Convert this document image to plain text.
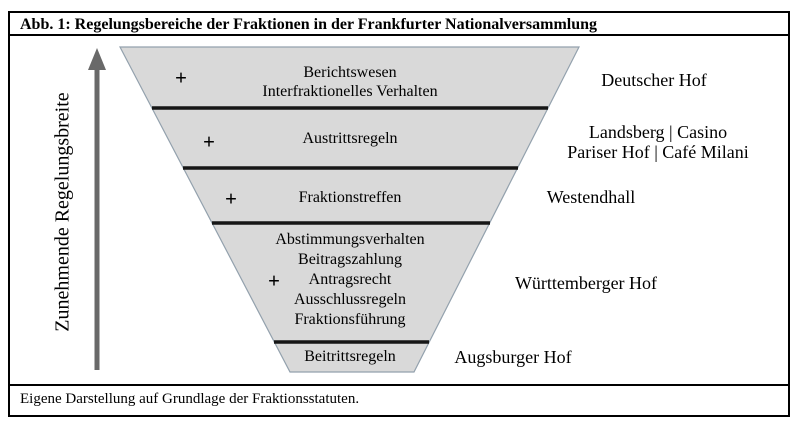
Abb. 1: Regelungsbereiche der Fraktionen in der Frankfurter Nationalversammlung
Zunehmende Regelungsbreite
Berichtswesen
Interfraktionelles Verhalten
Austrittsregeln
Fraktionstreffen
Abstimmungsverhalten
Beitragszahlung
Antragsrecht
Ausschlussregeln
Fraktionsführung
Beitrittsregeln
+
+
+
+
Deutscher Hof
Landsberg | Casino
Pariser Hof | Café Milani
Westendhall
Württemberger Hof
Augsburger Hof
Eigene Darstellung auf Grundlage der Fraktionsstatuten.
